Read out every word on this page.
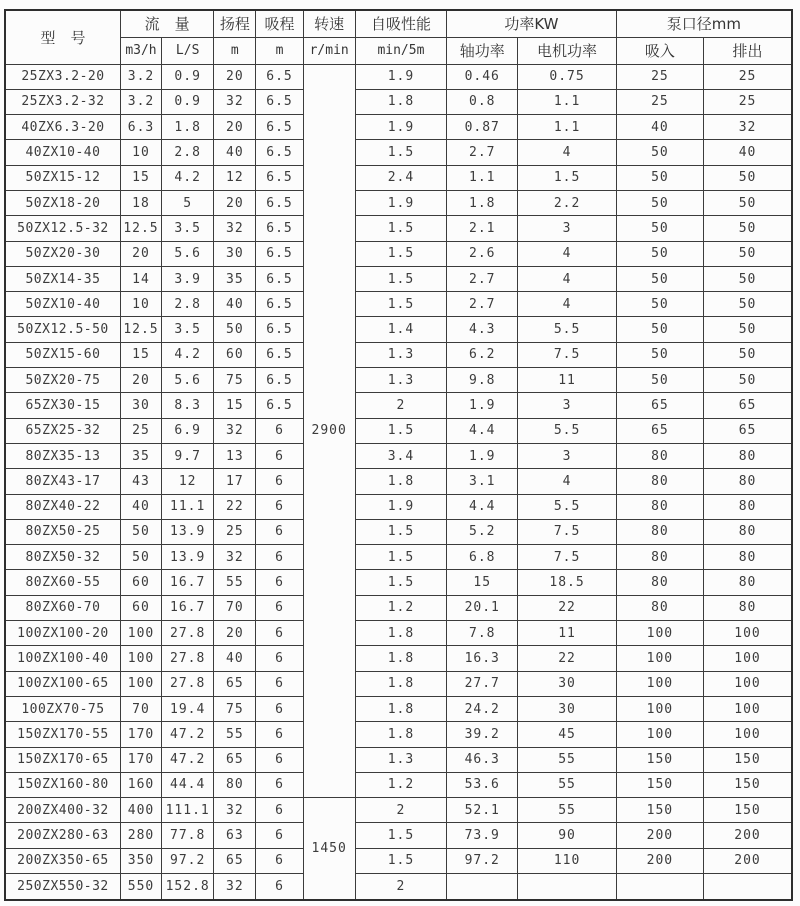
型　号	流　量		扬程	吸程	转速	自吸性能	功率KW		泵口径mm	
	m3/h	L/S	m	m	r/min	min/5m	轴功率	电机功率	吸入	排出
25ZX3.2-20	3.2	0.9	20	6.5	2900	1.9	0.46	0.75	25	25
25ZX3.2-32	3.2	0.9	32	6.5		1.8	0.8	1.1	25	25
40ZX6.3-20	6.3	1.8	20	6.5		1.9	0.87	1.1	40	32
40ZX10-40	10	2.8	40	6.5		1.5	2.7	4	50	40
50ZX15-12	15	4.2	12	6.5		2.4	1.1	1.5	50	50
50ZX18-20	18	5	20	6.5		1.9	1.8	2.2	50	50
50ZX12.5-32	12.5	3.5	32	6.5		1.5	2.1	3	50	50
50ZX20-30	20	5.6	30	6.5		1.5	2.6	4	50	50
50ZX14-35	14	3.9	35	6.5		1.5	2.7	4	50	50
50ZX10-40	10	2.8	40	6.5		1.5	2.7	4	50	50
50ZX12.5-50	12.5	3.5	50	6.5		1.4	4.3	5.5	50	50
50ZX15-60	15	4.2	60	6.5		1.3	6.2	7.5	50	50
50ZX20-75	20	5.6	75	6.5		1.3	9.8	11	50	50
65ZX30-15	30	8.3	15	6.5		2	1.9	3	65	65
65ZX25-32	25	6.9	32	6		1.5	4.4	5.5	65	65
80ZX35-13	35	9.7	13	6		3.4	1.9	3	80	80
80ZX43-17	43	12	17	6		1.8	3.1	4	80	80
80ZX40-22	40	11.1	22	6		1.9	4.4	5.5	80	80
80ZX50-25	50	13.9	25	6		1.5	5.2	7.5	80	80
80ZX50-32	50	13.9	32	6		1.5	6.8	7.5	80	80
80ZX60-55	60	16.7	55	6		1.5	15	18.5	80	80
80ZX60-70	60	16.7	70	6		1.2	20.1	22	80	80
100ZX100-20	100	27.8	20	6		1.8	7.8	11	100	100
100ZX100-40	100	27.8	40	6		1.8	16.3	22	100	100
100ZX100-65	100	27.8	65	6		1.8	27.7	30	100	100
100ZX70-75	70	19.4	75	6		1.8	24.2	30	100	100
150ZX170-55	170	47.2	55	6		1.8	39.2	45	100	100
150ZX170-65	170	47.2	65	6		1.3	46.3	55	150	150
150ZX160-80	160	44.4	80	6		1.2	53.6	55	150	150
200ZX400-32	400	111.1	32	6	1450	2	52.1	55	150	150
200ZX280-63	280	77.8	63	6		1.5	73.9	90	200	200
200ZX350-65	350	97.2	65	6		1.5	97.2	110	200	200
250ZX550-32	550	152.8	32	6		2				
